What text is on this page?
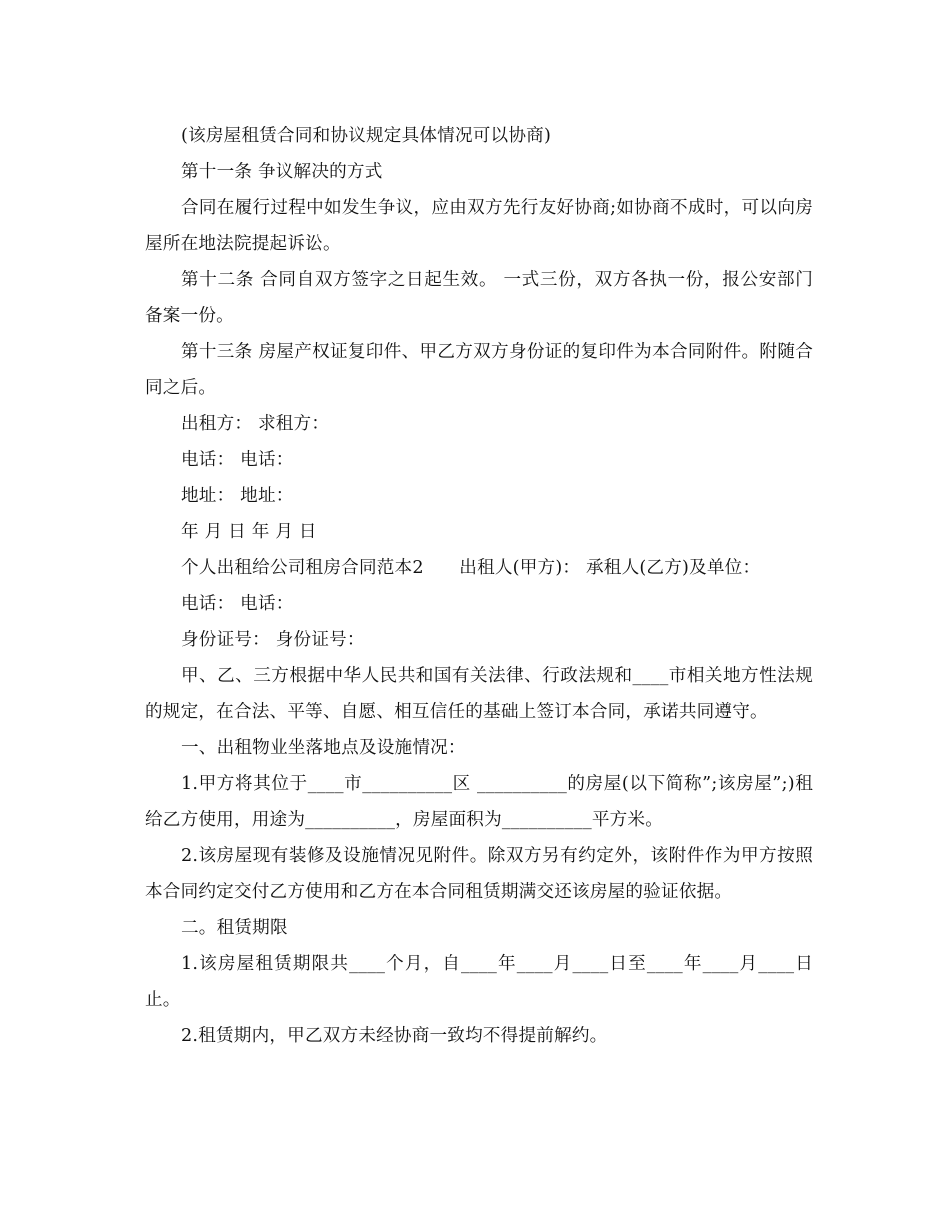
(该房屋租赁合同和协议规定具体情况可以协商)

第十一条 争议解决的方式

合同在履行过程中如发生争议，应由双方先行友好协商;如协商不成时，可以向房屋所在地法院提起诉讼。

第十二条 合同自双方签字之日起生效。 一式三份，双方各执一份，报公安部门备案一份。

第十三条 房屋产权证复印件、甲乙方双方身份证的复印件为本合同附件。附随合同之后。

出租方： 求租方：

电话： 电话：

地址： 地址：

年 月 日 年 月 日

个人出租给公司租房合同范本2　　出租人(甲方)： 承租人(乙方)及单位：

电话： 电话：

身份证号： 身份证号：

甲、乙、三方根据中华人民共和国有关法律、行政法规和____市相关地方性法规的规定，在合法、平等、自愿、相互信任的基础上签订本合同，承诺共同遵守。

一、出租物业坐落地点及设施情况：

1.甲方将其位于____市__________区 __________的房屋(以下简称”;该房屋”;)租给乙方使用，用途为__________，房屋面积为__________平方米。

2.该房屋现有装修及设施情况见附件。除双方另有约定外，该附件作为甲方按照本合同约定交付乙方使用和乙方在本合同租赁期满交还该房屋的验证依据。

二。租赁期限

1.该房屋租赁期限共____个月，自____年____月____日至____年____月____日止。

2.租赁期内，甲乙双方未经协商一致均不得提前解约。
